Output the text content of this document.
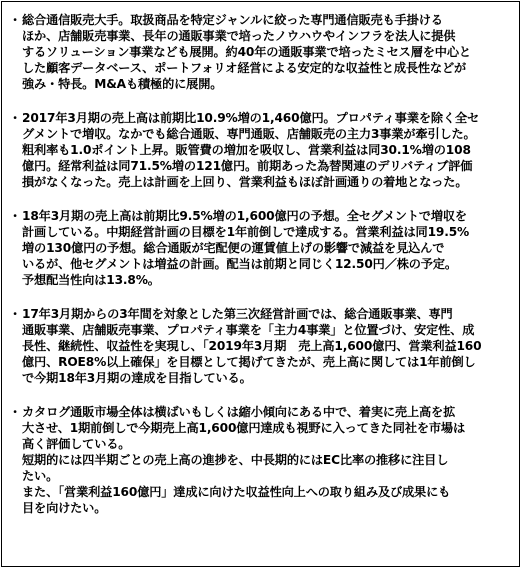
・ 総合通信販売大手。取扱商品を特定ジャンルに絞った専門通信販売も手掛ける
ほか、店舗販売事業、長年の通販事業で培ったノウハウやインフラを法人に提供
するソリューション事業なども展開。約40年の通販事業で培ったミセス層を中心と
した顧客データベース、ポートフォリオ経営による安定的な収益性と成長性などが
強み・特長。M&Aも積極的に展開。
・ 2017年3月期の売上高は前期比10.9%増の1,460億円。プロパティ事業を除く全セ
グメントで増収。なかでも総合通販、専門通販、店舗販売の主力3事業が牽引した。
粗利率も1.0ポイント上昇。販管費の増加を吸収し、営業利益は同30.1%増の108
億円。経常利益は同71.5%増の121億円。前期あった為替関連のデリバティブ評価
損がなくなった。売上は計画を上回り、営業利益もほぼ計画通りの着地となった。
・ 18年3月期の売上高は前期比9.5%増の1,600億円の予想。全セグメントで増収を
計画している。中期経営計画の目標を1年前倒しで達成する。営業利益は同19.5%
増の130億円の予想。総合通販が宅配便の運賃値上げの影響で減益を見込んで
いるが、他セグメントは増益の計画。配当は前期と同じく12.50円／株の予定。
予想配当性向は13.8%。
・ 17年3月期からの3年間を対象とした第三次経営計画では、総合通販事業、専門
通販事業、店舗販売事業、プロパティ事業を「主力4事業」と位置づけ、安定性、成
長性、継続性、収益性を実現し、「2019年3月期　売上高1,600億円、営業利益160
億円、ROE8%以上確保」を目標として掲げてきたが、売上高に関しては1年前倒し
で今期18年3月期の達成を目指している。
・ カタログ通販市場全体は横ばいもしくは縮小傾向にある中で、着実に売上高を拡
大させ、1期前倒しで今期売上高1,600億円達成も視野に入ってきた同社を市場は
高く評価している。
短期的には四半期ごとの売上高の進捗を、中長期的にはEC比率の推移に注目し
たい。
また、「営業利益160億円」達成に向けた収益性向上への取り組み及び成果にも
目を向けたい。
